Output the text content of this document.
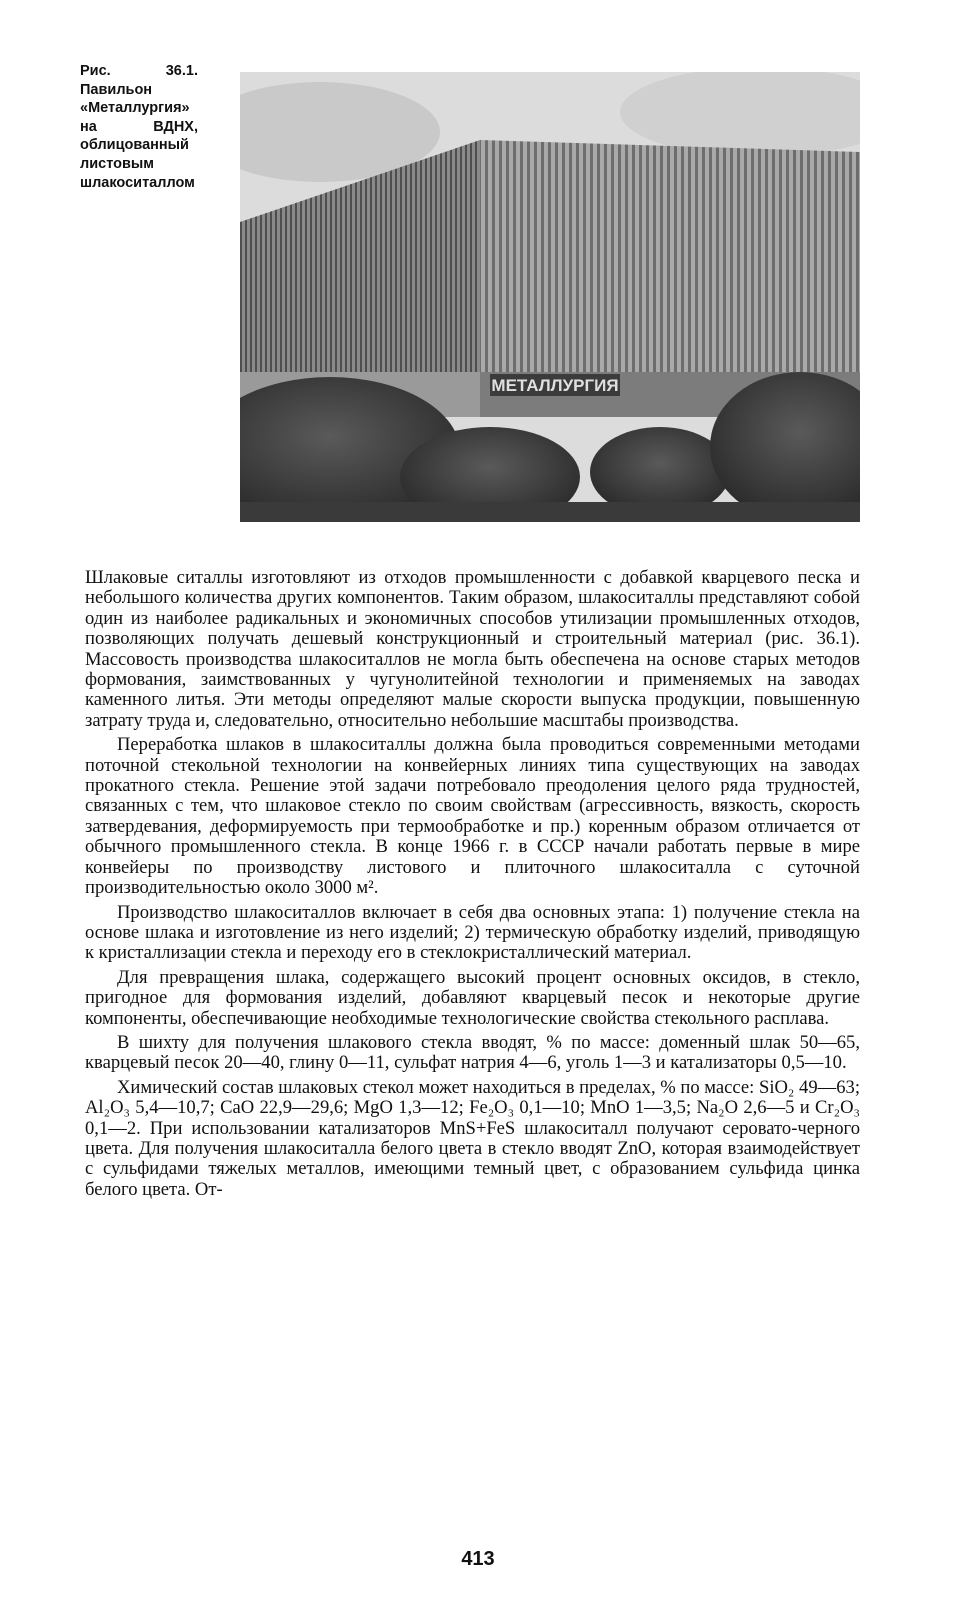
Рис. 36.1. Павильон «Металлургия» на ВДНХ, облицованный листовым шлакоситаллом

МЕТАЛЛУРГИЯ

Шлаковые ситаллы изготовляют из отходов промышленности с добавкой кварцевого песка и небольшого количества других компонентов. Таким образом, шлакоситаллы представляют собой один из наиболее радикальных и экономичных способов утилизации промышленных отходов, позволяющих получать дешевый конструкционный и строительный материал (рис. 36.1). Массовость производства шлакоситаллов не могла быть обеспечена на основе старых методов формования, заимствованных у чугунолитейной технологии и применяемых на заводах каменного литья. Эти методы определяют малые скорости выпуска продукции, повышенную затрату труда и, следовательно, относительно небольшие масштабы производства.

Переработка шлаков в шлакоситаллы должна была проводиться современными методами поточной стекольной технологии на конвейерных линиях типа существующих на заводах прокатного стекла. Решение этой задачи потребовало преодоления целого ряда трудностей, связанных с тем, что шлаковое стекло по своим свойствам (агрессивность, вязкость, скорость затвердевания, деформируемость при термообработке и пр.) коренным образом отличается от обычного промышленного стекла. В конце 1966 г. в СССР начали работать первые в мире конвейеры по производству листового и плиточного шлакоситалла с суточной производительностью около 3000 м².

Производство шлакоситаллов включает в себя два основных этапа: 1) получение стекла на основе шлака и изготовление из него изделий; 2) термическую обработку изделий, приводящую к кристаллизации стекла и переходу его в стеклокристаллический материал.

Для превращения шлака, содержащего высокий процент основных оксидов, в стекло, пригодное для формования изделий, добавляют кварцевый песок и некоторые другие компоненты, обеспечивающие необходимые технологические свойства стекольного расплава.

В шихту для получения шлакового стекла вводят, % по массе: доменный шлак 50—65, кварцевый песок 20—40, глину 0—11, сульфат натрия 4—6, уголь 1—3 и катализаторы 0,5—10.

Химический состав шлаковых стекол может находиться в пределах, % по массе: SiO₂ 49—63; Al₂O₃ 5,4—10,7; CaO 22,9—29,6; MgO 1,3—12; Fe₂O₃ 0,1—10; MnO 1—3,5; Na₂O 2,6—5 и Cr₂O₃ 0,1—2. При использовании катализаторов MnS+FeS шлакоситалл получают серовато-черного цвета. Для получения шлакоситалла белого цвета в стекло вводят ZnO, которая взаимодействует с сульфидами тяжелых металлов, имеющими темный цвет, с образованием сульфида цинка белого цвета. От-

413
